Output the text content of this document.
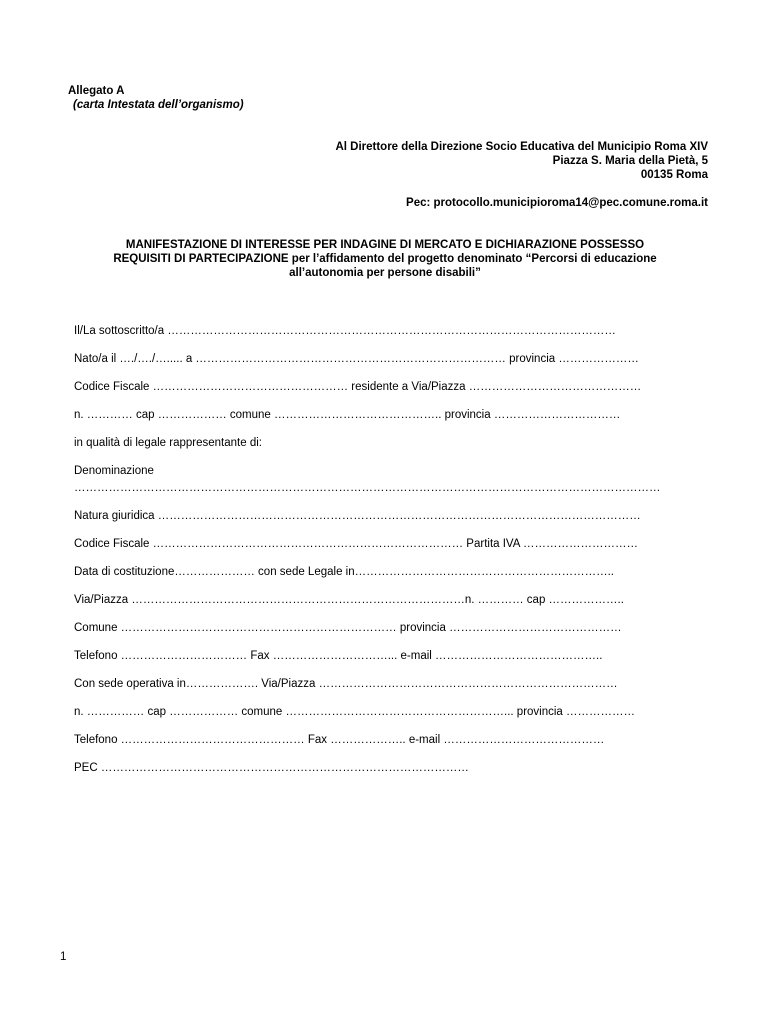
Allegato A
(carta Intestata dell’organismo)
Al Direttore della Direzione Socio Educativa del Municipio Roma XIV
Piazza S. Maria della Pietà, 5
00135 Roma
Pec: protocollo.municipioroma14@pec.comune.roma.it
MANIFESTAZIONE DI INTERESSE PER INDAGINE DI MERCATO E DICHIARAZIONE POSSESSO
REQUISITI DI PARTECIPAZIONE per l’affidamento del progetto denominato “Percorsi di educazione
all’autonomia per persone disabili”
Il/La sottoscritto/a ………………………………………………………………………………………………………
Nato/a il …./…./…..... a ……………………………………………………………………… provincia …………………
Codice Fiscale …………………………………………… residente a Via/Piazza ………………………………………
n. ………… cap ……………… comune …………………………………….. provincia ……………………………
in qualità di legale rappresentante di:
Denominazione
………………………………………………………………………………………………………………………………………
Natura giuridica ………………………………………………………………………………………………………………
Codice Fiscale ……………………………………………………………………… Partita IVA …………………………
Data di costituzione………………… con sede Legale in…………………………………………………………..
Via/Piazza ……………………………………………………………………………n. ………… cap ………………..
Comune ……………………………………………………………… provincia ………………………………………
Telefono …………………………… Fax …………………………... e-mail ……………………………………..
Con sede operativa in………………. Via/Piazza ……………………………………………………………………
n. …………… cap ……………… comune …………………………………………………... provincia ………………
Telefono ………………………………………… Fax ……………….. e-mail ……………………………………
PEC ……………………………………………………………………………………
1
